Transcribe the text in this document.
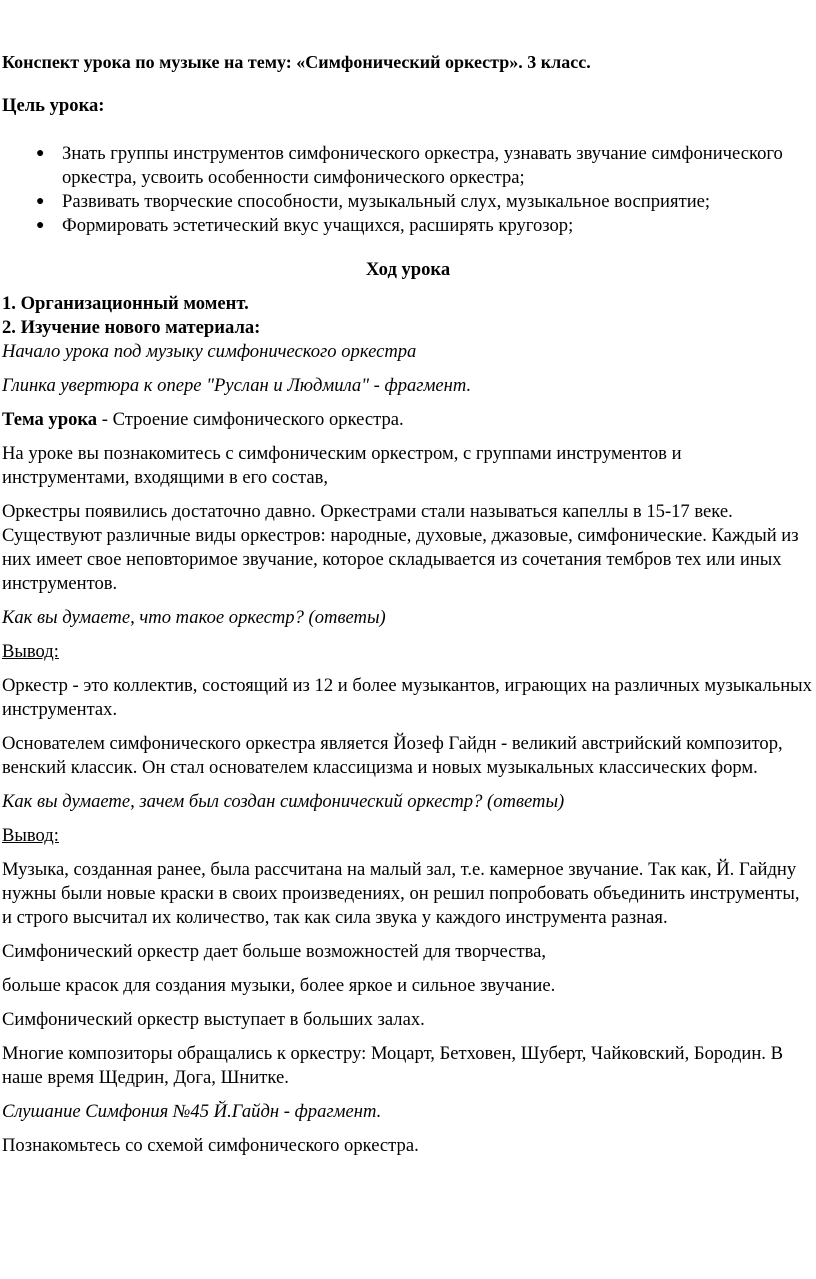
Конспект урока по музыке на тему: «Симфонический оркестр». 3 класс.
Цель урока:
● Знать группы инструментов симфонического оркестра, узнавать звучание симфонического оркестра, усвоить особенности симфонического оркестра;
● Развивать творческие способности, музыкальный слух, музыкальное восприятие;
● Формировать эстетический вкус учащихся, расширять кругозор;
Ход урока

1. Организационный момент.

2. Изучение нового материала:

Начало урока под музыку симфонического оркестра

Глинка увертюра к опере "Руслан и Людмила" - фрагмент.

Тема урока - Строение симфонического оркестра.

На уроке вы познакомитесь с симфоническим оркестром, с группами инструментов и инструментами, входящими в его состав,

Оркестры появились достаточно давно. Оркестрами стали называться капеллы в 15-17 веке. Существуют различные виды оркестров: народные, духовые, джазовые, симфонические. Каждый из них имеет свое неповторимое звучание, которое складывается из сочетания тембров тех или иных инструментов.

Как вы думаете, что такое оркестр? (ответы)

Вывод:

Оркестр - это коллектив, состоящий из 12 и более музыкантов, играющих на различных музыкальных инструментах.

Основателем симфонического оркестра является Йозеф Гайдн - великий австрийский композитор, венский классик. Он стал основателем классицизма и новых музыкальных классических форм.

Как вы думаете, зачем был создан симфонический оркестр? (ответы)

Вывод:

Музыка, созданная ранее, была рассчитана на малый зал, т.е. камерное звучание. Так как, Й. Гайдну нужны были новые краски в своих произведениях, он решил попробовать объединить инструменты, и строго высчитал их количество, так как сила звука у каждого инструмента разная.

Симфонический оркестр дает больше возможностей для творчества,

больше красок для создания музыки, более яркое и сильное звучание.

Симфонический оркестр выступает в больших залах.

Многие композиторы обращались к оркестру: Моцарт, Бетховен, Шуберт, Чайковский, Бородин. В наше время Щедрин, Дога, Шнитке.

Слушание Симфония №45 Й.Гайдн - фрагмент.

Познакомьтесь со схемой симфонического оркестра.
